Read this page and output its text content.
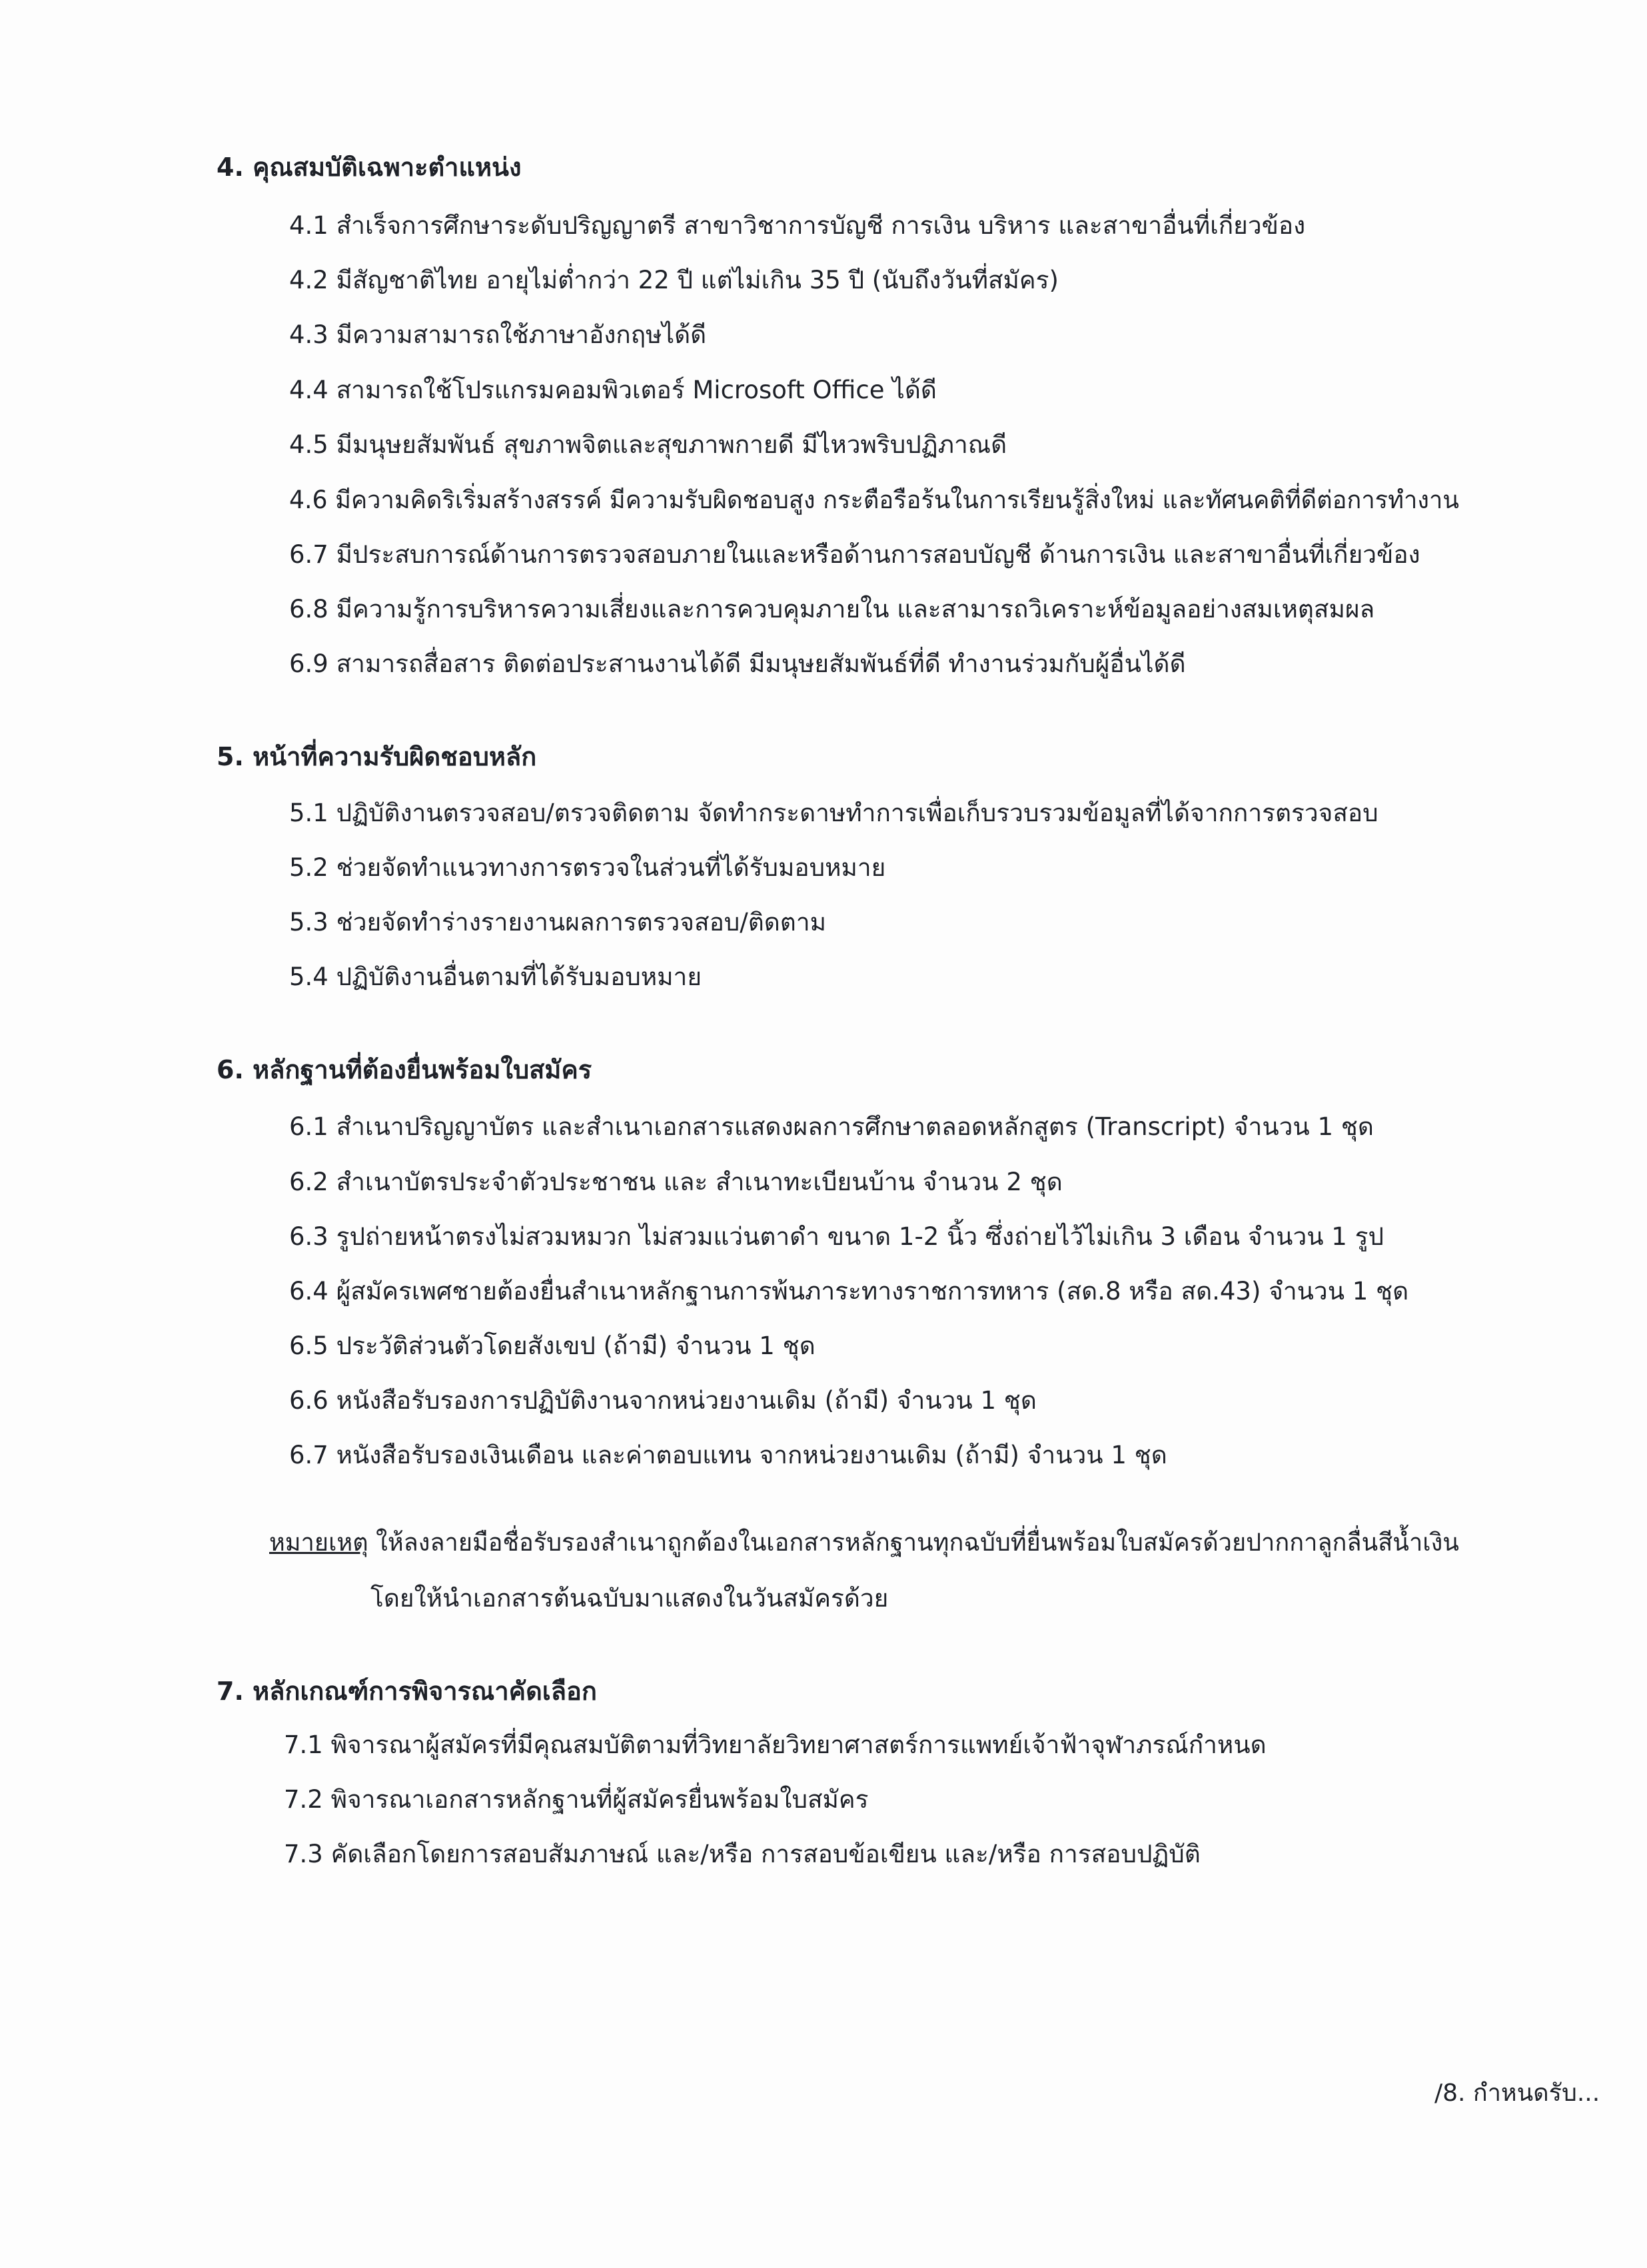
4. คุณสมบัติเฉพาะตำแหน่ง
4.1 สำเร็จการศึกษาระดับปริญญาตรี สาขาวิชาการบัญชี การเงิน บริหาร และสาขาอื่นที่เกี่ยวข้อง
4.2 มีสัญชาติไทย อายุไม่ต่ำกว่า 22 ปี แต่ไม่เกิน 35 ปี (นับถึงวันที่สมัคร)
4.3 มีความสามารถใช้ภาษาอังกฤษได้ดี
4.4 สามารถใช้โปรแกรมคอมพิวเตอร์ Microsoft Office ได้ดี
4.5 มีมนุษยสัมพันธ์ สุขภาพจิตและสุขภาพกายดี มีไหวพริบปฏิภาณดี
4.6 มีความคิดริเริ่มสร้างสรรค์ มีความรับผิดชอบสูง กระตือรือร้นในการเรียนรู้สิ่งใหม่ และทัศนคติที่ดีต่อการทำงาน
6.7 มีประสบการณ์ด้านการตรวจสอบภายในและหรือด้านการสอบบัญชี ด้านการเงิน และสาขาอื่นที่เกี่ยวข้อง
6.8 มีความรู้การบริหารความเสี่ยงและการควบคุมภายใน และสามารถวิเคราะห์ข้อมูลอย่างสมเหตุสมผล
6.9 สามารถสื่อสาร ติดต่อประสานงานได้ดี มีมนุษยสัมพันธ์ที่ดี ทำงานร่วมกับผู้อื่นได้ดี
5. หน้าที่ความรับผิดชอบหลัก
5.1 ปฏิบัติงานตรวจสอบ/ตรวจติดตาม จัดทำกระดาษทำการเพื่อเก็บรวบรวมข้อมูลที่ได้จากการตรวจสอบ
5.2 ช่วยจัดทำแนวทางการตรวจในส่วนที่ได้รับมอบหมาย
5.3 ช่วยจัดทำร่างรายงานผลการตรวจสอบ/ติดตาม
5.4 ปฏิบัติงานอื่นตามที่ได้รับมอบหมาย
6. หลักฐานที่ต้องยื่นพร้อมใบสมัคร
6.1 สำเนาปริญญาบัตร และสำเนาเอกสารแสดงผลการศึกษาตลอดหลักสูตร (Transcript) จำนวน 1 ชุด
6.2 สำเนาบัตรประจำตัวประชาชน และ สำเนาทะเบียนบ้าน จำนวน 2 ชุด
6.3 รูปถ่ายหน้าตรงไม่สวมหมวก ไม่สวมแว่นตาดำ ขนาด 1-2 นิ้ว ซึ่งถ่ายไว้ไม่เกิน 3 เดือน จำนวน 1 รูป
6.4 ผู้สมัครเพศชายต้องยื่นสำเนาหลักฐานการพ้นภาระทางราชการทหาร (สด.8 หรือ สด.43) จำนวน 1 ชุด
6.5 ประวัติส่วนตัวโดยสังเขป (ถ้ามี) จำนวน 1 ชุด
6.6 หนังสือรับรองการปฏิบัติงานจากหน่วยงานเดิม (ถ้ามี) จำนวน 1 ชุด
6.7 หนังสือรับรองเงินเดือน และค่าตอบแทน จากหน่วยงานเดิม (ถ้ามี) จำนวน 1 ชุด
หมายเหตุ ให้ลงลายมือชื่อรับรองสำเนาถูกต้องในเอกสารหลักฐานทุกฉบับที่ยื่นพร้อมใบสมัครด้วยปากกาลูกลื่นสีน้ำเงิน
โดยให้นำเอกสารต้นฉบับมาแสดงในวันสมัครด้วย
7. หลักเกณฑ์การพิจารณาคัดเลือก
7.1 พิจารณาผู้สมัครที่มีคุณสมบัติตามที่วิทยาลัยวิทยาศาสตร์การแพทย์เจ้าฟ้าจุฬาภรณ์กำหนด
7.2 พิจารณาเอกสารหลักฐานที่ผู้สมัครยื่นพร้อมใบสมัคร
7.3 คัดเลือกโดยการสอบสัมภาษณ์ และ/หรือ การสอบข้อเขียน และ/หรือ การสอบปฏิบัติ
/8. กำหนดรับ...
